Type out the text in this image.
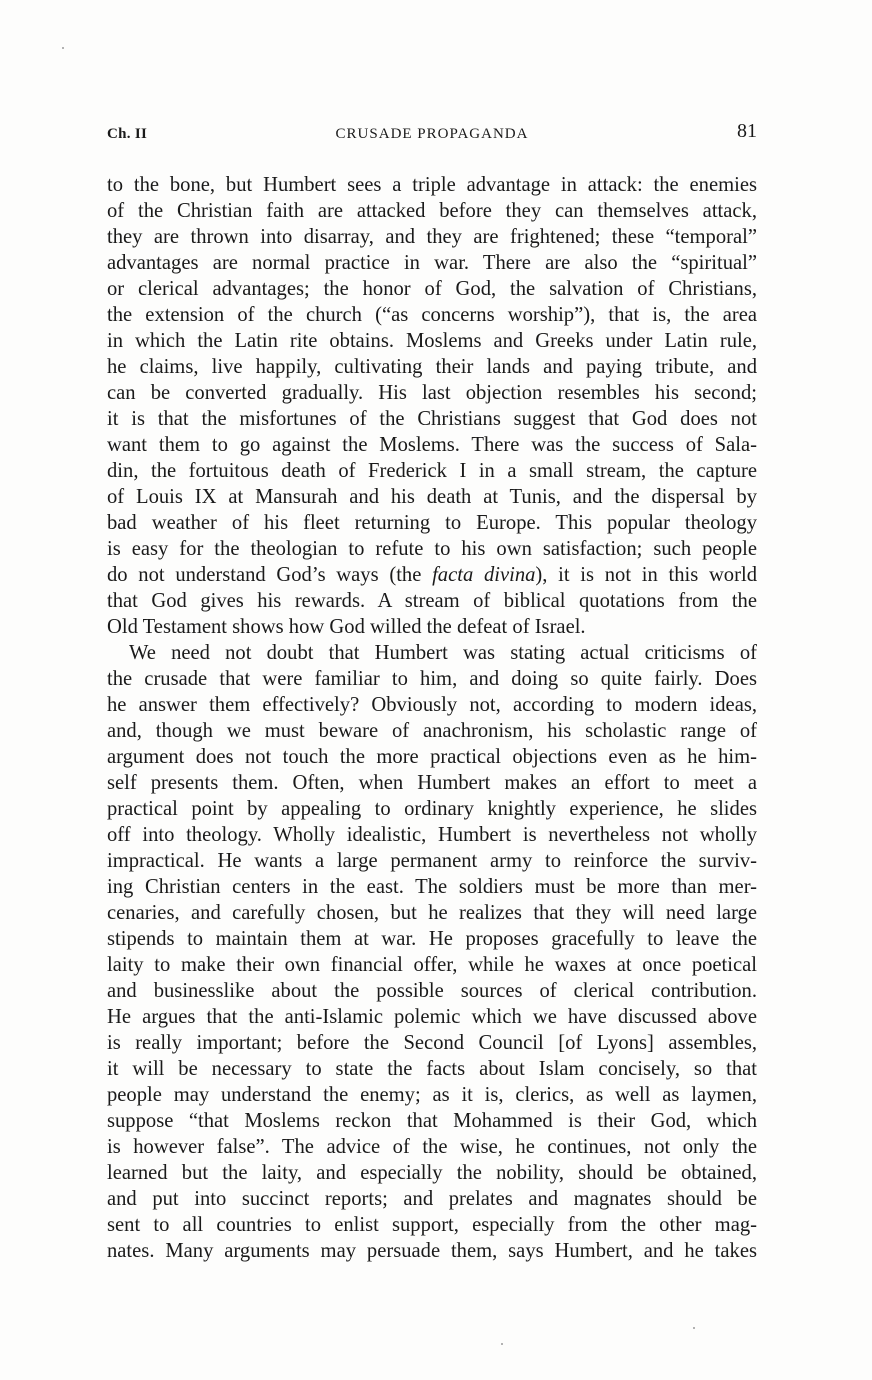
Ch. II	CRUSADE PROPAGANDA	81
to the bone, but Humbert sees a triple advantage in attack: the enemies
of the Christian faith are attacked before they can themselves attack,
they are thrown into disarray, and they are frightened; these “temporal”
advantages are normal practice in war. There are also the “spiritual”
or clerical advantages; the honor of God, the salvation of Christians,
the extension of the church (“as concerns worship”), that is, the area
in which the Latin rite obtains. Moslems and Greeks under Latin rule,
he claims, live happily, cultivating their lands and paying tribute, and
can be converted gradually. His last objection resembles his second;
it is that the misfortunes of the Christians suggest that God does not
want them to go against the Moslems. There was the success of Sala-
din, the fortuitous death of Frederick I in a small stream, the capture
of Louis IX at Mansurah and his death at Tunis, and the dispersal by
bad weather of his fleet returning to Europe. This popular theology
is easy for the theologian to refute to his own satisfaction; such people
do not understand God’s ways (the facta divina), it is not in this world
that God gives his rewards. A stream of biblical quotations from the
Old Testament shows how God willed the defeat of Israel.
We need not doubt that Humbert was stating actual criticisms of
the crusade that were familiar to him, and doing so quite fairly. Does
he answer them effectively? Obviously not, according to modern ideas,
and, though we must beware of anachronism, his scholastic range of
argument does not touch the more practical objections even as he him-
self presents them. Often, when Humbert makes an effort to meet a
practical point by appealing to ordinary knightly experience, he slides
off into theology. Wholly idealistic, Humbert is nevertheless not wholly
impractical. He wants a large permanent army to reinforce the surviv-
ing Christian centers in the east. The soldiers must be more than mer-
cenaries, and carefully chosen, but he realizes that they will need large
stipends to maintain them at war. He proposes gracefully to leave the
laity to make their own financial offer, while he waxes at once poetical
and businesslike about the possible sources of clerical contribution.
He argues that the anti-Islamic polemic which we have discussed above
is really important; before the Second Council [of Lyons] assembles,
it will be necessary to state the facts about Islam concisely, so that
people may understand the enemy; as it is, clerics, as well as laymen,
suppose “that Moslems reckon that Mohammed is their God, which
is however false”. The advice of the wise, he continues, not only the
learned but the laity, and especially the nobility, should be obtained,
and put into succinct reports; and prelates and magnates should be
sent to all countries to enlist support, especially from the other mag-
nates. Many arguments may persuade them, says Humbert, and he takes
